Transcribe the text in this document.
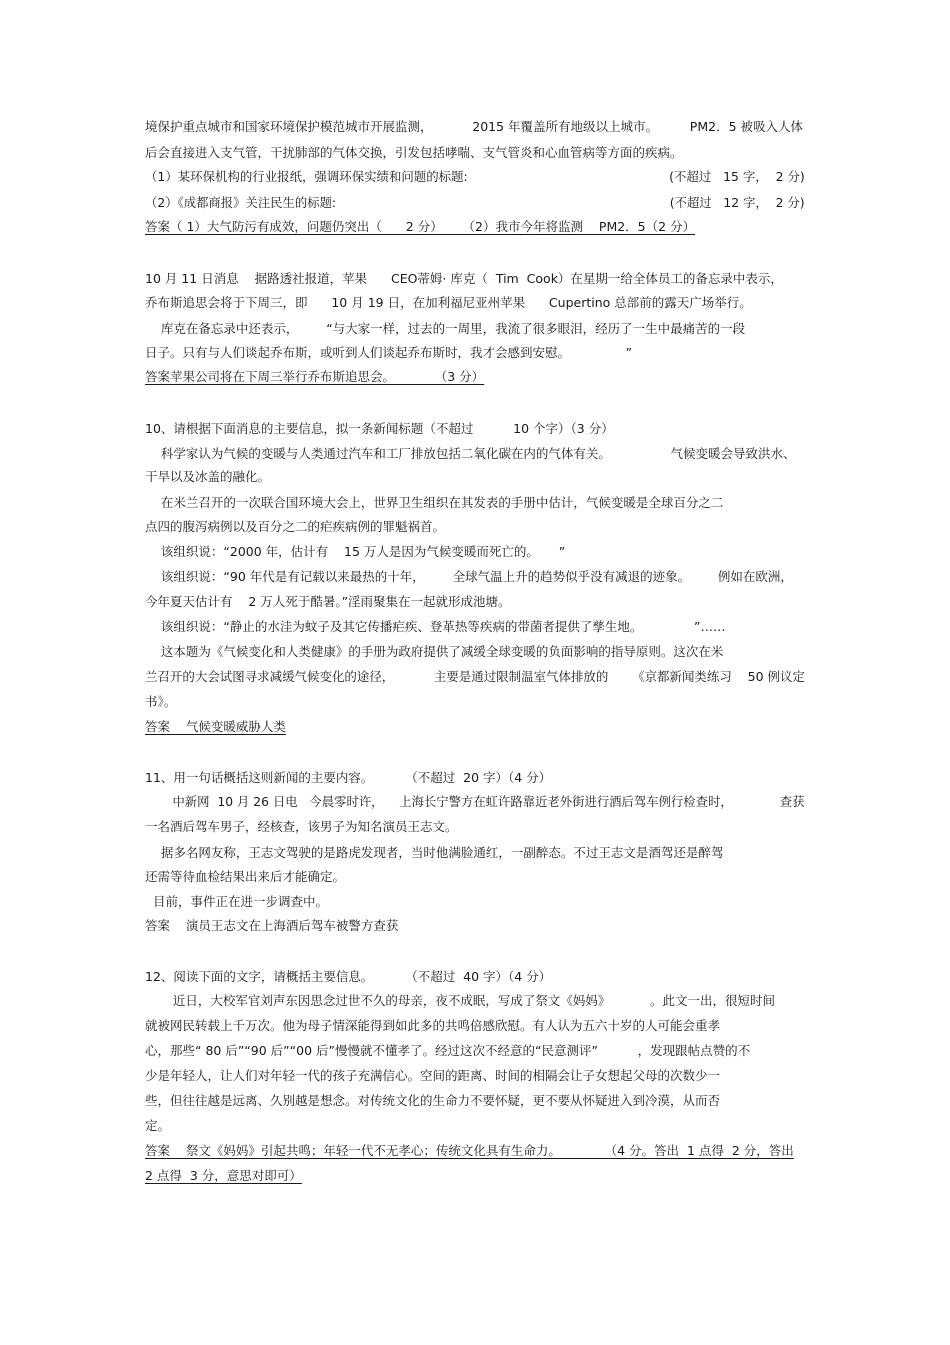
境保护重点城市和国家环境保护模范城市开展监测，          2015 年覆盖所有地级以上城市。        PM2．5 被吸入人体
后会直接进入支气管，干扰肺部的气体交换，引发包括哮喘、支气管炎和心血管病等方面的疾病。
（1）某环保机构的行业报纸，强调环保实绩和问题的标题:                                                   (不超过   15 字，  2 分)
（2）《成都商报》关注民生的标题:                                                                                     (不超过   12 字，  2 分)
答案（ 1）大气防污有成效，问题仍突出（      2 分）     （2）我市今年将监测    PM2．5（2 分）
10 月 11 日消息    据路透社报道，苹果      CEO蒂姆· 库克（  Tim  Cook）在星期一给全体员工的备忘录中表示，
乔布斯追思会将于下周三，即      10 月 19 日，在加利福尼亚州苹果      Cupertino 总部前的露天广场举行。
库克在备忘录中还表示，       “与大家一样，过去的一周里，我流了很多眼泪，经历了一生中最痛苦的一段
日子。只有与人们谈起乔布斯，或听到人们谈起乔布斯时，我才会感到安慰。              ”
答案苹果公司将在下周三举行乔布斯追思会。          （3 分）
10、请根据下面消息的主要信息，拟一条新闻标题（不超过          10 个字）（3 分）
科学家认为气候的变暖与人类通过汽车和工厂排放包括二氧化碳在内的气体有关。               气候变暖会导致洪水、
干旱以及冰盖的融化。
在米兰召开的一次联合国环境大会上，世界卫生组织在其发表的手册中估计，气候变暖是全球百分之二
点四的腹泻病例以及百分之二的疟疾病例的罪魁祸首。
该组织说：“2000 年，估计有    15 万人是因为气候变暖而死亡的。     ”
该组织说：“90 年代是有记载以来最热的十年，       全球气温上升的趋势似乎没有减退的迹象。       例如在欧洲，
今年夏天估计有    2 万人死于酷暑。”淫雨聚集在一起就形成池塘。
该组织说：“静止的水洼为蚊子及其它传播疟疾、登革热等疾病的带菌者提供了孳生地。             ”……
这本题为《气候变化和人类健康》的手册为政府提供了减缓全球变暖的负面影响的指导原则。这次在米
兰召开的大会试图寻求减缓气候变化的途径，          主要是通过限制温室气体排放的      《京都新闻类练习    50 例议定
书》。
答案    气候变暖威胁人类
11、用一句话概括这则新闻的主要内容。        （不超过  20 字）（4 分）
中新网  10 月 26 日电   今晨零时许，    上海长宁警方在虹许路靠近老外街进行酒后驾车例行检查时，            查获
一名酒后驾车男子，经核查，该男子为知名演员王志文。
据多名网友称，王志文驾驶的是路虎发现者，当时他满脸通红，一副醉态。不过王志文是酒驾还是醉驾
还需等待血检结果出来后才能确定。
目前，事件正在进一步调查中。
答案    演员王志文在上海酒后驾车被警方查获
12、阅读下面的文字，请概括主要信息。        （不超过  40 字）（4 分）
近日，大校军官刘声东因思念过世不久的母亲，夜不成眠，写成了祭文《妈妈》          。此文一出，很短时间
就被网民转载上千万次。他为母子情深能得到如此多的共鸣倍感欣慰。有人认为五六十岁的人可能会重孝
心，那些“ 80 后”“90 后”“00 后”慢慢就不懂孝了。经过这次不经意的“民意测评”          ，发现跟帖点赞的不
少是年轻人，让人们对年轻一代的孩子充满信心。空间的距离、时间的相隔会让子女想起父母的次数少一
些，但往往越是远离、久别越是想念。对传统文化的生命力不要怀疑，更不要从怀疑进入到冷漠，从而否
定。
答案    祭文《妈妈》引起共鸣；年轻一代不无孝心；传统文化具有生命力。           （4 分。答出  1 点得  2 分，答出
2 点得  3 分，意思对即可）
